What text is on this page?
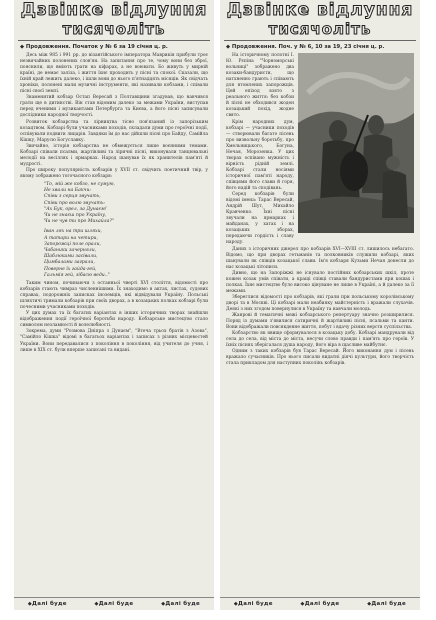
Дзвінке відлуння
тисячоліть
◆ Продовження. Початок у № 6 за 19 січня ц. р.

Десь між 985 і 991 рр. до візантійського імператора Маврикія прибули троє незвичайних полонених слов'ян. На запитання про те, чому вони без зброї, пояснили, що вміють грати на кіфарах, а не воювати. Бо живуть у мирній країні, де немає заліза, і життя їхнє проходить у пісні та спокої. Сказали, що їхній край лежить далеко, і ішли вони до нього п'ятнадцять місяців. Як свідчать хроніки, полонені мали музичні інструменти, які називали кобзами, і співали пісні своєї землі.

Знаменитий кобзар Остап Вересай з Полтавщини згадував, що навчився грати ще в дитинстві. Він став відомим далеко за межами України, виступав перед вченими і музикантами Петербурга та Києва, а його пісні записували дослідники народної творчості.

Розвиток кобзарства та лірництва тісно пов'язаний із запорізьким козацтвом. Кобзарі були учасниками походів, складали думи про героїчні події, оспівували подвиги лицарів. Завдяки їм до нас дійшли пісні про Байду, Самійла Кішку, Марусю Богуславку.

Звичайно, історія кобзарства не обмежується лише воєнними темами. Кобзарі співали псалми, жартівливі та ліричні пісні, виконували танцювальні мелодії на весіллях і ярмарках. Народ шанував їх як хранителів пам'яті й мудрості.

Про широку популярність кобзарів у XVII ст. свідчить поетичний твір, у якому зображено тогочасного кобзаря:

"То, мій же кобзо, не сумую,
Не хвали на Бакчи:
Співи з серця звучать,
Співи про волю звучать:
"Ах Бук, орел, за Дунаєм!
Чи не знаєш про Україну,
Чи не чув ти про Михайла?"
Іван лях на три шляхи,
А татари на четири,
Запорожці поле орали,
Чабаники зачерняли,
Шаблюками засівали,
Цимбалами заграли,
Поверне їх гайда-гей,
Гальмія гей, зібасю веди.."

Таким чином, починаючи з останньої чверті XVI століття, відомості про кобзарів стають чимраз численнішими. Їх знаходимо в актах, листах, судових справах, подорожніх записках іноземців, які відвідували Україну. Польські шляхтичі тримали кобзарів при своїх дворах, а в козацьких полках кобзарі були почесними учасниками походів.

У цих думах та їх багатих варіантах в інших історичних творах знайшли відображення події героїчної боротьби народу. Кобзарське мистецтво стало символом незламності й волелюбності.

Зокрема, думи "Розмова Дніпра з Дунаєм", "Втеча трьох братів з Азова", "Самійло Кішка" відомі в багатьох варіантах і записах з різних місцевостей України. Вони передавалися з покоління в покоління, від учителя до учня, і лише в XIX ст. були вперше записані та видані.

◆ Далі буде	◆ Далі буде	◆ Далі буде
Дзвінке відлуння
тисячоліть
◆ Продовження. Поч. у № 6, 10 за 19, 23 січня ц. р.

На історичному полотні І. Ю. Рєпіна "Чорноморські вольниці" зображено два козаки-бандуристи, що натхненно грають і співають для втомлених запорожців. Цей епізод взято з реального життя: без кобзи й пісні не обходився жоден козацький похід, жодне свято.

Крім народних дум, кобзарі — учасники походів — створювали багато пісень про визвольну боротьбу, про Хмельницького, Богуна, Нечая, Морозенка. У цих творах оспівано мужність і вірність рідній землі. Кобзарі стали носіями історичної пам'яті народу, співцями його слави й горя, його надій та сподівань.

Серед кобзарів були відомі імена: Тарас Вересай, Андрій Шут, Михайло Кравченко. Їхні пісні звучали на ярмарках і майданах, у хатах і на козацьких зборах, передаючи гордість і славу народу.

Даних з історичних джерел про кобзарів XVI—XVIII ст. лишилось небагато. Відомо, що при дворах гетьманів та полковників служили кобзарі, яких шанували як співців козацької слави. Ім'я кобзаря Кузьми Нечая донесли до нас козацькі літописи.

Дивно, що на Запоріжжі не існувало постійних кобзарських шкіл, проте кожен козак умів співати, а кращі співці ставали бандуристами при кошах і полках. Їхнє мистецтво було високо цінуване не лише в Україні, а й далеко за її межами.

Збереглися відомості про кобзарів, які грали при польському королівському дворі та в Москві. Ці кобзарі мали неабияку майстерність і вражали слухачів. Деякі з них згодом повернулися в Україну та навчали молодь.

Жанрові й тематичні межі кобзарського репертуару значно розширилися. Поряд із думами з'явилися сатиричні й жартівливі пісні, псальми та канти. Вони відображали повсякденне життя, побут і вдачу різних верств суспільства.

Кобзарство як явище сформувалося в козацьку добу. Кобзарі мандрували від села до села, від міста до міста, несучи слово правди і пам'ять про героїв. У їхніх піснях зберігалася душа народу, його віра в щасливе майбутнє.

Одним з таких кобзарів був Тарас Вересай. Його виконання дум і пісень вражало сучасників. Про нього писали видатні діячі культури, його творчість стала прикладом для наступних поколінь кобзарів.

◆ Далі буде	◆ Далі буде	◆ Далі буде
